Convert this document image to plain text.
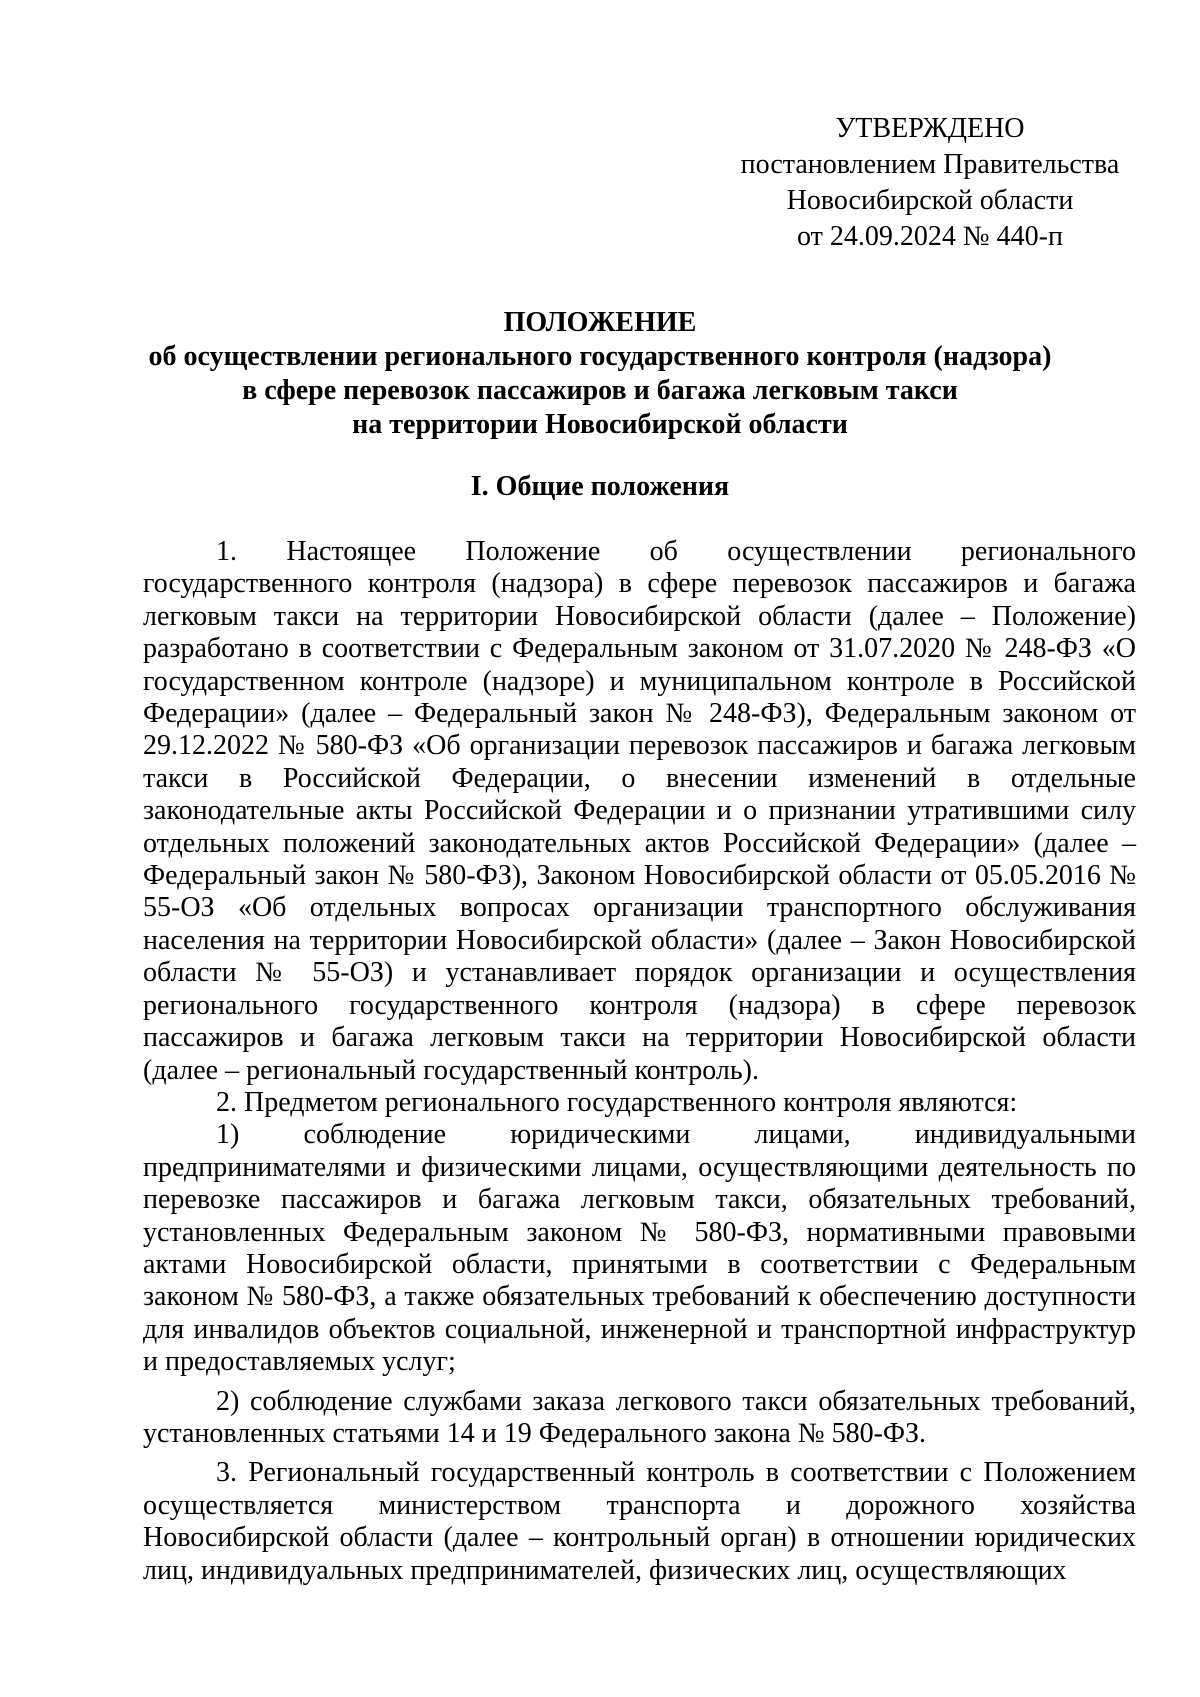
УТВЕРЖДЕНО
постановлением Правительства
Новосибирской области
от 24.09.2024 № 440-п
ПОЛОЖЕНИЕ
об осуществлении регионального государственного контроля (надзора)
в сфере перевозок пассажиров и багажа легковым такси
на территории Новосибирской области
I. Общие положения

1. Настоящее Положение об осуществлении регионального государственного контроля (надзора) в сфере перевозок пассажиров и багажа легковым такси на территории Новосибирской области (далее – Положение) разработано в соответствии с Федеральным законом от 31.07.2020 № 248-ФЗ «О государственном контроле (надзоре) и муниципальном контроле в Российской Федерации» (далее – Федеральный закон № 248-ФЗ), Федеральным законом от 29.12.2022 № 580-ФЗ «Об организации перевозок пассажиров и багажа легковым такси в Российской Федерации, о внесении изменений в отдельные законодательные акты Российской Федерации и о признании утратившими силу отдельных положений законодательных актов Российской Федерации» (далее – Федеральный закон № 580-ФЗ), Законом Новосибирской области от 05.05.2016 № 55-ОЗ «Об отдельных вопросах организации транспортного обслуживания населения на территории Новосибирской области» (далее – Закон Новосибирской области № 55-ОЗ) и устанавливает порядок организации и осуществления регионального государственного контроля (надзора) в сфере перевозок пассажиров и багажа легковым такси на территории Новосибирской области (далее – региональный государственный контроль).

2. Предметом регионального государственного контроля являются:

1) соблюдение юридическими лицами, индивидуальными предпринимателями и физическими лицами, осуществляющими деятельность по перевозке пассажиров и багажа легковым такси, обязательных требований, установленных Федеральным законом № 580-ФЗ, нормативными правовыми актами Новосибирской области, принятыми в соответствии с Федеральным законом № 580-ФЗ, а также обязательных требований к обеспечению доступности для инвалидов объектов социальной, инженерной и транспортной инфраструктур и предоставляемых услуг;

2) соблюдение службами заказа легкового такси обязательных требований, установленных статьями 14 и 19 Федерального закона № 580-ФЗ.

3. Региональный государственный контроль в соответствии с Положением осуществляется министерством транспорта и дорожного хозяйства Новосибирской области (далее – контрольный орган) в отношении юридических лиц, индивидуальных предпринимателей, физических лиц, осуществляющих
